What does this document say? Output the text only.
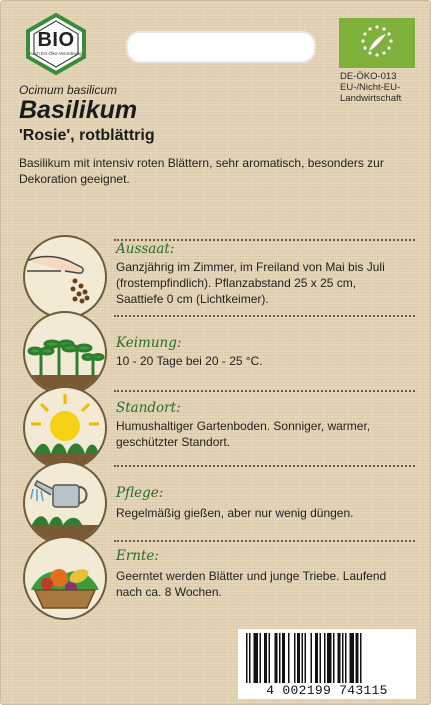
BIO
nach EG-Öko-Verordnung
DE-ÖKO-013
EU-/Nicht-EU-
Landwirtschaft
Ocimum basilicum
Basilikum
'Rosie', rotblättrig
Basilikum mit intensiv roten Blättern, sehr aromatisch, besonders zur Dekoration geeignet.
Aussaat:
Ganzjährig im Zimmer, im Freiland von Mai bis Juli (frostempfindlich). Pflanzabstand 25 x 25 cm, Saattiefe 0 cm (Lichtkeimer).
Keimung:
10 - 20 Tage bei 20 - 25 °C.
Standort:
Humushaltiger Gartenboden. Sonniger, warmer, geschützter Standort.
Pflege:
Regelmäßig gießen, aber nur wenig düngen.
Ernte:
Geerntet werden Blätter und junge Triebe. Laufend nach ca. 8 Wochen.
4 002199 743115
